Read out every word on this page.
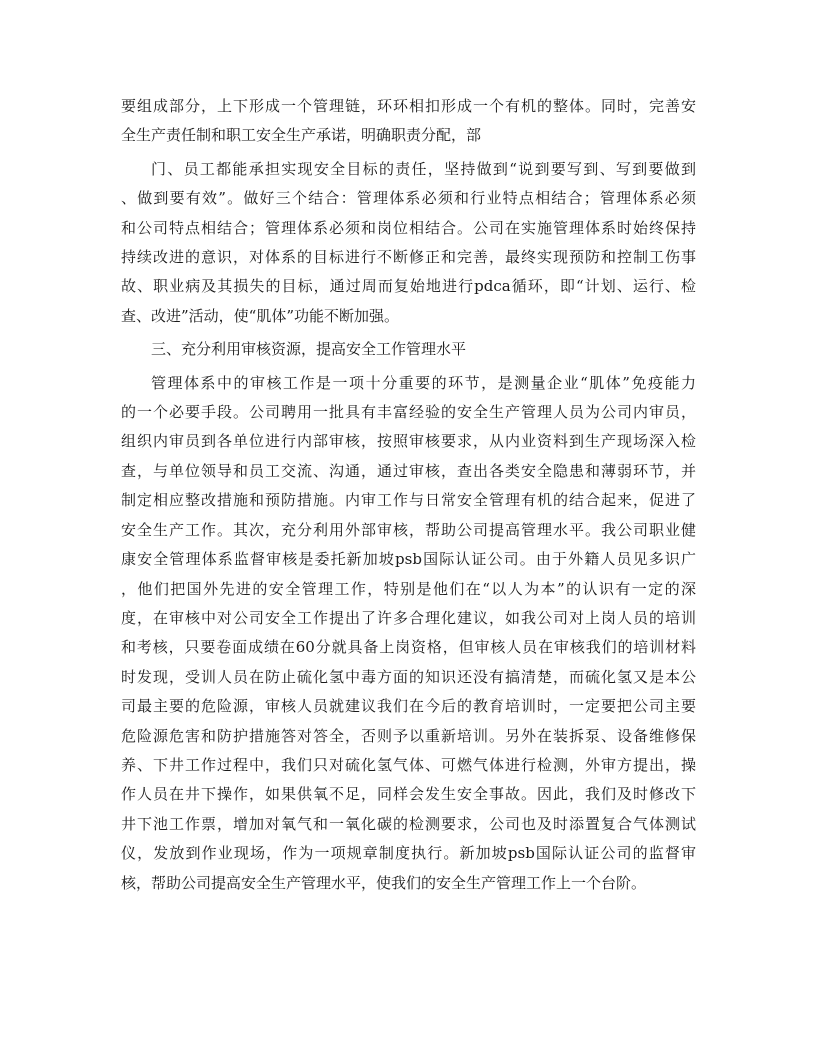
要组成部分，上下形成一个管理链，环环相扣形成一个有机的整体。同时，完善安
全生产责任制和职工安全生产承诺，明确职责分配，部
门、员工都能承担实现安全目标的责任，坚持做到“说到要写到、写到要做到
、做到要有效”。做好三个结合：管理体系必须和行业特点相结合；管理体系必须
和公司特点相结合；管理体系必须和岗位相结合。公司在实施管理体系时始终保持
持续改进的意识，对体系的目标进行不断修正和完善，最终实现预防和控制工伤事
故、职业病及其损失的目标，通过周而复始地进行pdca循环，即“计划、运行、检
查、改进”活动，使“肌体”功能不断加强。
三、充分利用审核资源，提高安全工作管理水平
管理体系中的审核工作是一项十分重要的环节，是测量企业“肌体”免疫能力
的一个必要手段。公司聘用一批具有丰富经验的安全生产管理人员为公司内审员，
组织内审员到各单位进行内部审核，按照审核要求，从内业资料到生产现场深入检
查，与单位领导和员工交流、沟通，通过审核，查出各类安全隐患和薄弱环节，并
制定相应整改措施和预防措施。内审工作与日常安全管理有机的结合起来，促进了
安全生产工作。其次，充分利用外部审核，帮助公司提高管理水平。我公司职业健
康安全管理体系监督审核是委托新加坡psb国际认证公司。由于外籍人员见多识广
，他们把国外先进的安全管理工作，特别是他们在“以人为本”的认识有一定的深
度，在审核中对公司安全工作提出了许多合理化建议，如我公司对上岗人员的培训
和考核，只要卷面成绩在60分就具备上岗资格，但审核人员在审核我们的培训材料
时发现，受训人员在防止硫化氢中毒方面的知识还没有搞清楚，而硫化氢又是本公
司最主要的危险源，审核人员就建议我们在今后的教育培训时，一定要把公司主要
危险源危害和防护措施答对答全，否则予以重新培训。另外在装拆泵、设备维修保
养、下井工作过程中，我们只对硫化氢气体、可燃气体进行检测，外审方提出，操
作人员在井下操作，如果供氧不足，同样会发生安全事故。因此，我们及时修改下
井下池工作票，增加对氧气和一氧化碳的检测要求，公司也及时添置复合气体测试
仪，发放到作业现场，作为一项规章制度执行。新加坡psb国际认证公司的监督审
核，帮助公司提高安全生产管理水平，使我们的安全生产管理工作上一个台阶。
